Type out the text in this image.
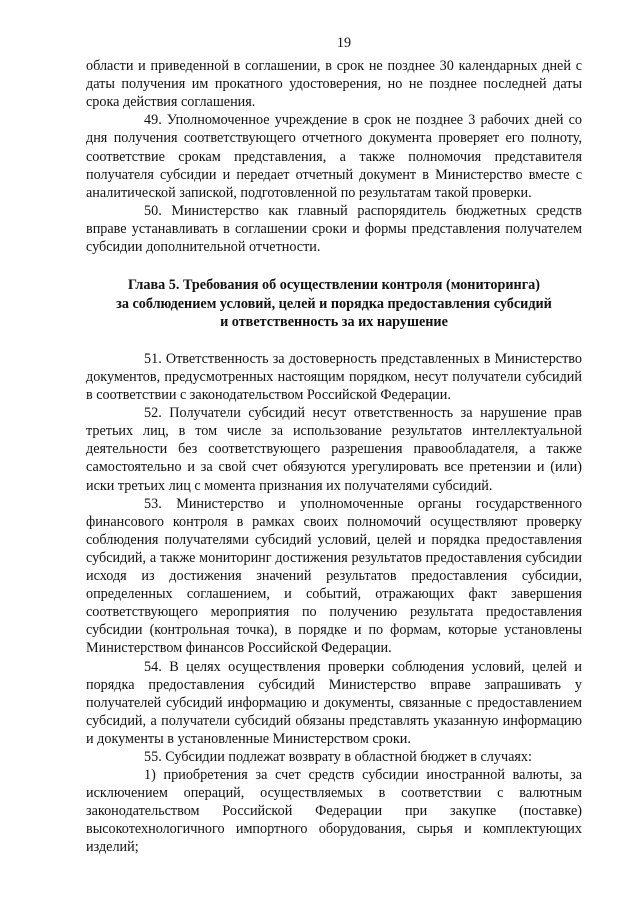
19

области и приведенной в соглашении, в срок не позднее 30 календарных дней с даты получения им прокатного удостоверения, но не позднее последней даты срока действия соглашения.

49. Уполномоченное учреждение в срок не позднее 3 рабочих дней со дня получения соответствующего отчетного документа проверяет его полноту, соответствие срокам представления, а также полномочия представителя получателя субсидии и передает отчетный документ в Министерство вместе с аналитической запиской, подготовленной по результатам такой проверки.

50. Министерство как главный распорядитель бюджетных средств вправе устанавливать в соглашении сроки и формы представления получателем субсидии дополнительной отчетности.

Глава 5. Требования об осуществлении контроля (мониторинга)
за соблюдением условий, целей и порядка предоставления субсидий
и ответственность за их нарушение

51. Ответственность за достоверность представленных в Министерство документов, предусмотренных настоящим порядком, несут получатели субсидий в соответствии с законодательством Российской Федерации.

52. Получатели субсидий несут ответственность за нарушение прав третьих лиц, в том числе за использование результатов интеллектуальной деятельности без соответствующего разрешения правообладателя, а также самостоятельно и за свой счет обязуются урегулировать все претензии и (или) иски третьих лиц с момента признания их получателями субсидий.

53. Министерство и уполномоченные органы государственного финансового контроля в рамках своих полномочий осуществляют проверку соблюдения получателями субсидий условий, целей и порядка предоставления субсидий, а также мониторинг достижения результатов предоставления субсидии исходя из достижения значений результатов предоставления субсидии, определенных соглашением, и событий, отражающих факт завершения соответствующего мероприятия по получению результата предоставления субсидии (контрольная точка), в порядке и по формам, которые установлены Министерством финансов Российской Федерации.

54. В целях осуществления проверки соблюдения условий, целей и порядка предоставления субсидий Министерство вправе запрашивать у получателей субсидий информацию и документы, связанные с предоставлением субсидий, а получатели субсидий обязаны представлять указанную информацию и документы в установленные Министерством сроки.

55. Субсидии подлежат возврату в областной бюджет в случаях:

1) приобретения за счет средств субсидии иностранной валюты, за исключением операций, осуществляемых в соответствии с валютным законодательством Российской Федерации при закупке (поставке) высокотехнологичного импортного оборудования, сырья и комплектующих изделий;
